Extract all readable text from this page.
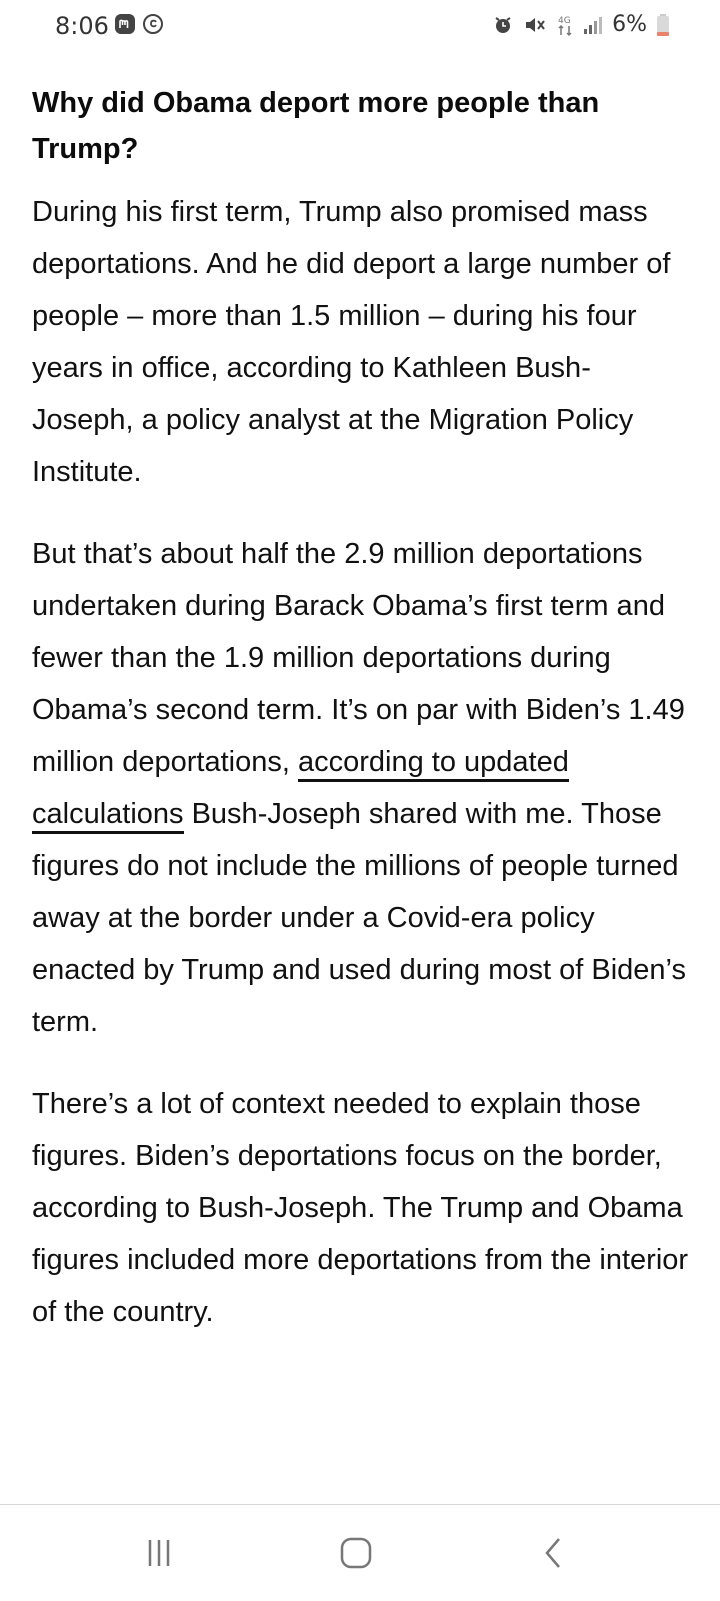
8:06	4G 6%
Why did Obama deport more people than Trump?

During his first term, Trump also promised mass deportations. And he did deport a large number of people – more than 1.5 million – during his four years in office, according to Kathleen Bush-Joseph, a policy analyst at the Migration Policy Institute.

But that’s about half the 2.9 million deportations undertaken during Barack Obama’s first term and fewer than the 1.9 million deportations during Obama’s second term. It’s on par with Biden’s 1.49 million deportations, according to updated calculations Bush-Joseph shared with me. Those figures do not include the millions of people turned away at the border under a Covid-era policy enacted by Trump and used during most of Biden’s term.

There’s a lot of context needed to explain those figures. Biden’s deportations focus on the border, according to Bush-Joseph. The Trump and Obama figures included more deportations from the interior of the country.
